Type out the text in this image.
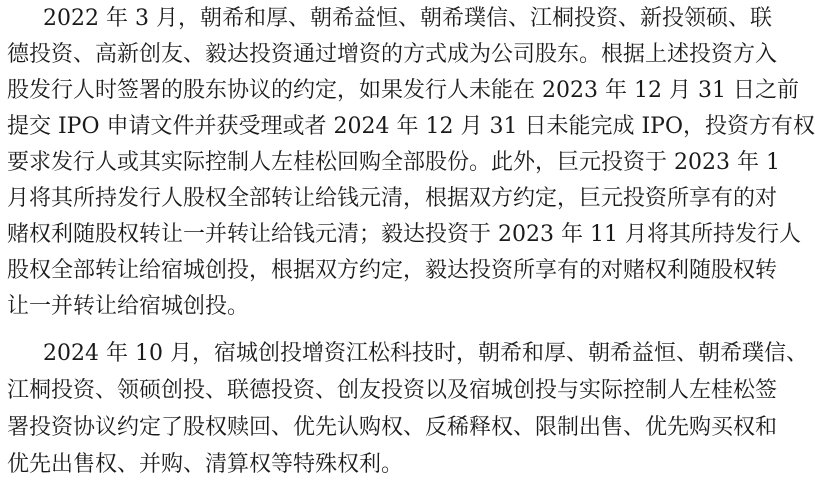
2022 年 3 月，朝希和厚、朝希益恒、朝希璞信、江桐投资、新投领硕、联
德投资、高新创友、毅达投资通过增资的方式成为公司股东。根据上述投资方入
股发行人时签署的股东协议的约定，如果发行人未能在 2023 年 12 月 31 日之前
提交 IPO 申请文件并获受理或者 2024 年 12 月 31 日未能完成 IPO，投资方有权
要求发行人或其实际控制人左桂松回购全部股份。此外，巨元投资于 2023 年 1
月将其所持发行人股权全部转让给钱元清，根据双方约定，巨元投资所享有的对
赌权利随股权转让一并转让给钱元清；毅达投资于 2023 年 11 月将其所持发行人
股权全部转让给宿城创投，根据双方约定，毅达投资所享有的对赌权利随股权转
让一并转让给宿城创投。
2024 年 10 月，宿城创投增资江松科技时，朝希和厚、朝希益恒、朝希璞信、
江桐投资、领硕创投、联德投资、创友投资以及宿城创投与实际控制人左桂松签
署投资协议约定了股权赎回、优先认购权、反稀释权、限制出售、优先购买权和
优先出售权、并购、清算权等特殊权利。
